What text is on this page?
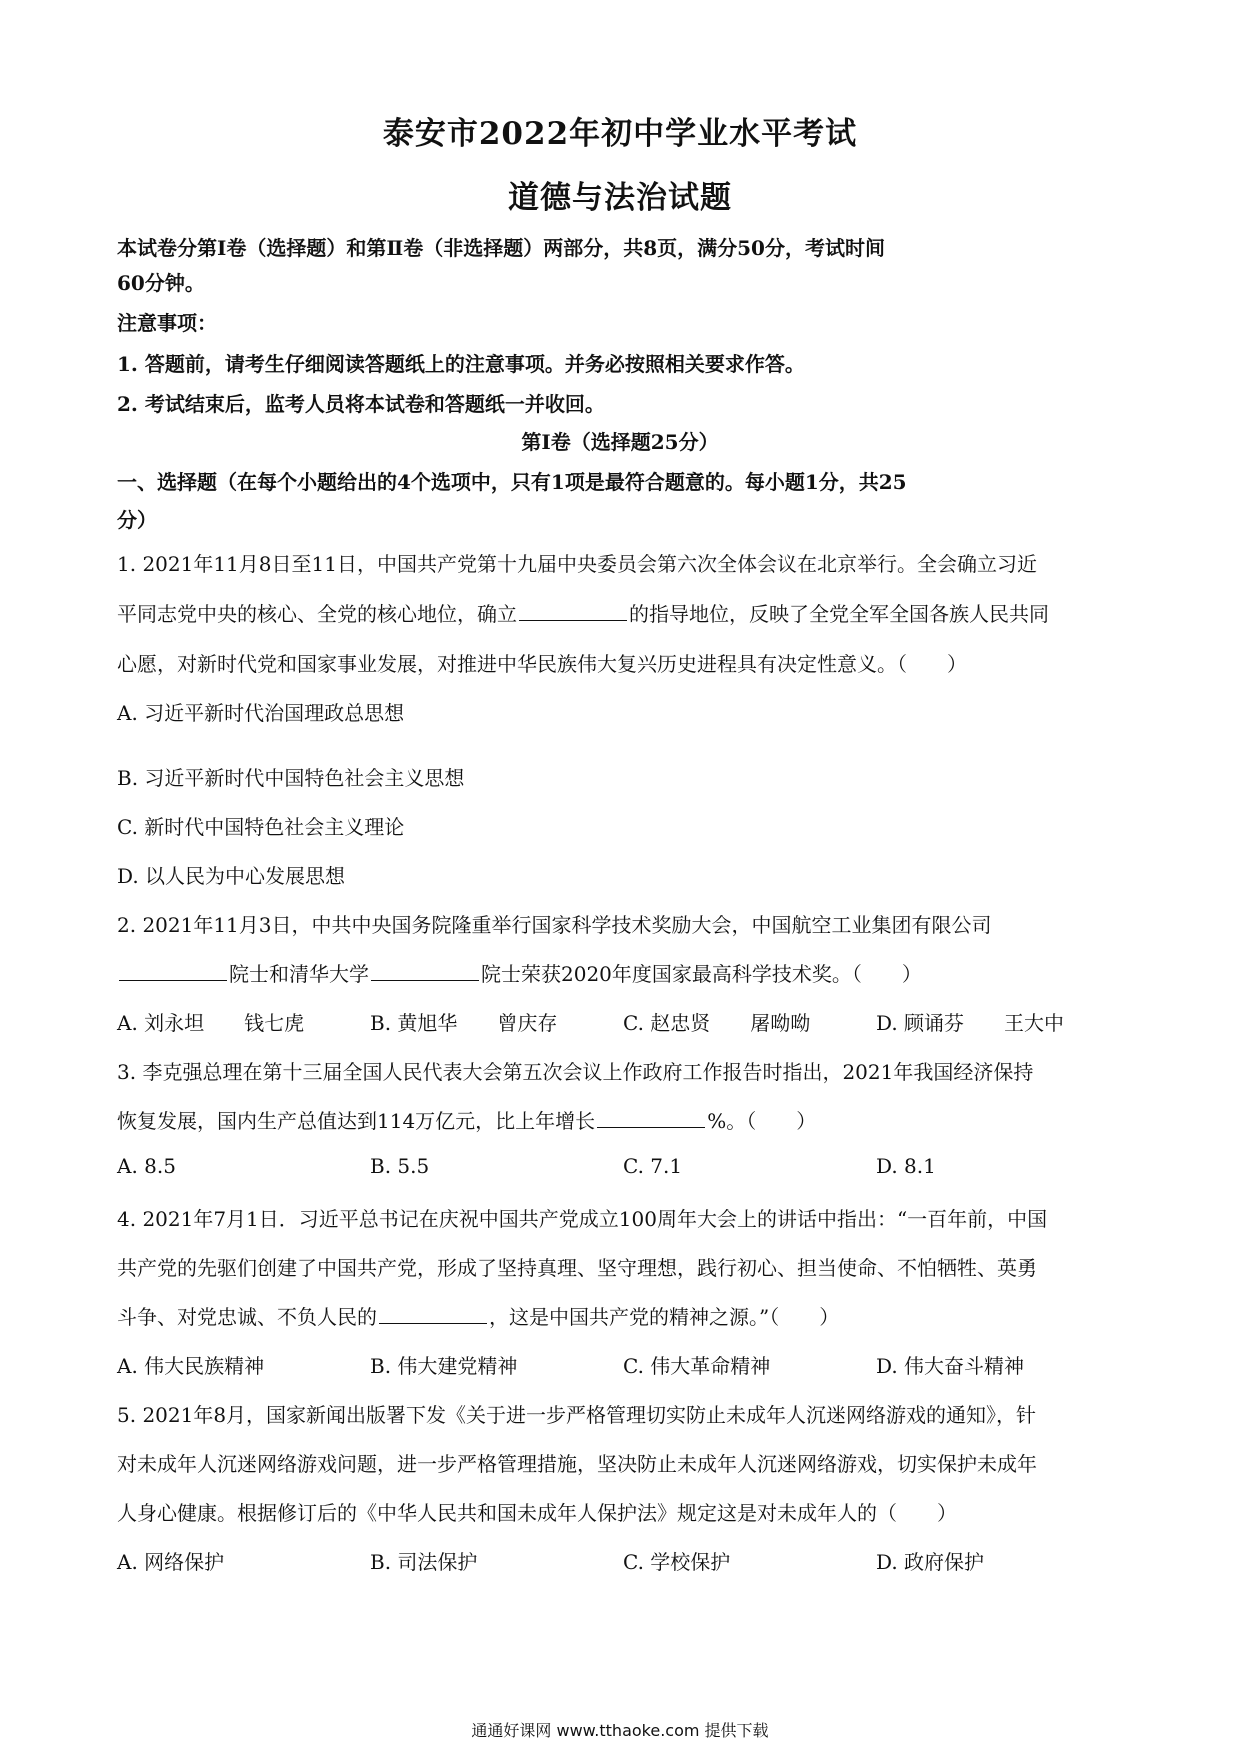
泰安市2022年初中学业水平考试
道德与法治试题
本试卷分第Ⅰ卷（选择题）和第Ⅱ卷（非选择题）两部分，共8页，满分50分，考试时间
60分钟。
注意事项：
1. 答题前，请考生仔细阅读答题纸上的注意事项。并务必按照相关要求作答。
2. 考试结束后，监考人员将本试卷和答题纸一并收回。
第Ⅰ卷（选择题25分）
一、选择题（在每个小题给出的4个选项中，只有1项是最符合题意的。每小题1分，共25
分）
1. 2021年11月8日至11日，中国共产党第十九届中央委员会第六次全体会议在北京举行。全会确立习近
平同志党中央的核心、全党的核心地位，确立	的指导地位，反映了全党全军全国各族人民共同
心愿，对新时代党和国家事业发展，对推进中华民族伟大复兴历史进程具有决定性意义。（　　）
A. 习近平新时代治国理政总思想
B. 习近平新时代中国特色社会主义思想
C. 新时代中国特色社会主义理论
D. 以人民为中心发展思想
2. 2021年11月3日，中共中央国务院隆重举行国家科学技术奖励大会，中国航空工业集团有限公司
院士和清华大学	院士荣获2020年度国家最高科学技术奖。（　　）
A. 刘永坦　　钱七虎	B. 黄旭华　　曾庆存	C. 赵忠贤　　屠呦呦	D. 顾诵芬　　王大中
3. 李克强总理在第十三届全国人民代表大会第五次会议上作政府工作报告时指出，2021年我国经济保持
恢复发展，国内生产总值达到114万亿元，比上年增长	%。（　　）
A. 8.5	B. 5.5	C. 7.1	D. 8.1
4. 2021年7月1日．习近平总书记在庆祝中国共产党成立100周年大会上的讲话中指出：“一百年前，中国
共产党的先驱们创建了中国共产党，形成了坚持真理、坚守理想，践行初心、担当使命、不怕牺牲、英勇
斗争、对党忠诚、不负人民的	，这是中国共产党的精神之源。”（　　）
A. 伟大民族精神	B. 伟大建党精神	C. 伟大革命精神	D. 伟大奋斗精神
5. 2021年8月，国家新闻出版署下发《关于进一步严格管理切实防止未成年人沉迷网络游戏的通知》，针
对未成年人沉迷网络游戏问题，进一步严格管理措施，坚决防止未成年人沉迷网络游戏，切实保护未成年
人身心健康。根据修订后的《中华人民共和国未成年人保护法》规定这是对未成年人的（　　）
A. 网络保护	B. 司法保护	C. 学校保护	D. 政府保护
通通好课网 www.tthaoke.com 提供下载
